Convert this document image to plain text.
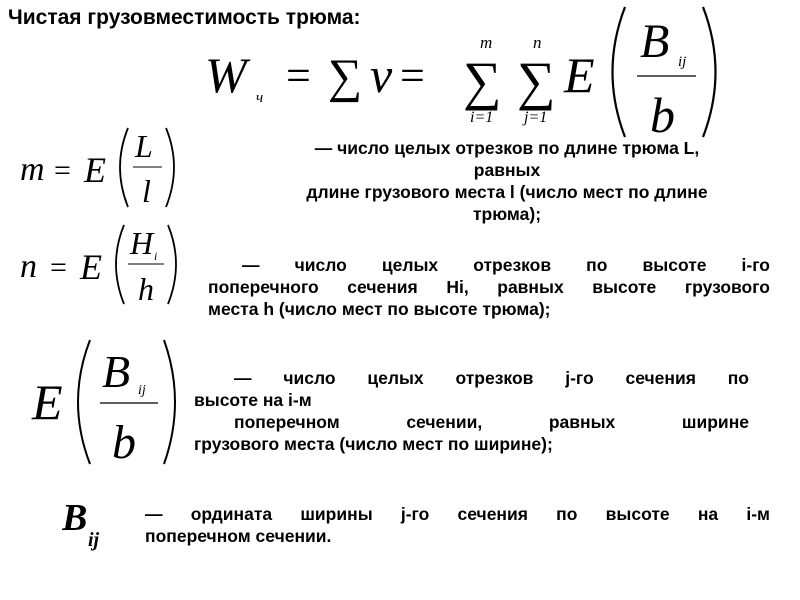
Чистая грузовместимость трюма:
W ч = ∑ v =
m
∑
i=1
n
∑
j=1
E
B ij
b
m = E
L
l
n = E
H i
h
E
B ij
b
B
ij

— число целых отрезков по длине трюма L,

равных

длине грузового места l (число мест по длине

трюма);

— число целых отрезков по высоте i-го

поперечного сечения Hi, равных высоте грузового

места h (число мест по высоте трюма);

— число целых отрезков j-го сечения по

высоте на i-м

поперечном сечении, равных ширине

грузового места (число мест по ширине);

— ордината ширины j-го сечения по высоте на i-м

поперечном сечении.
